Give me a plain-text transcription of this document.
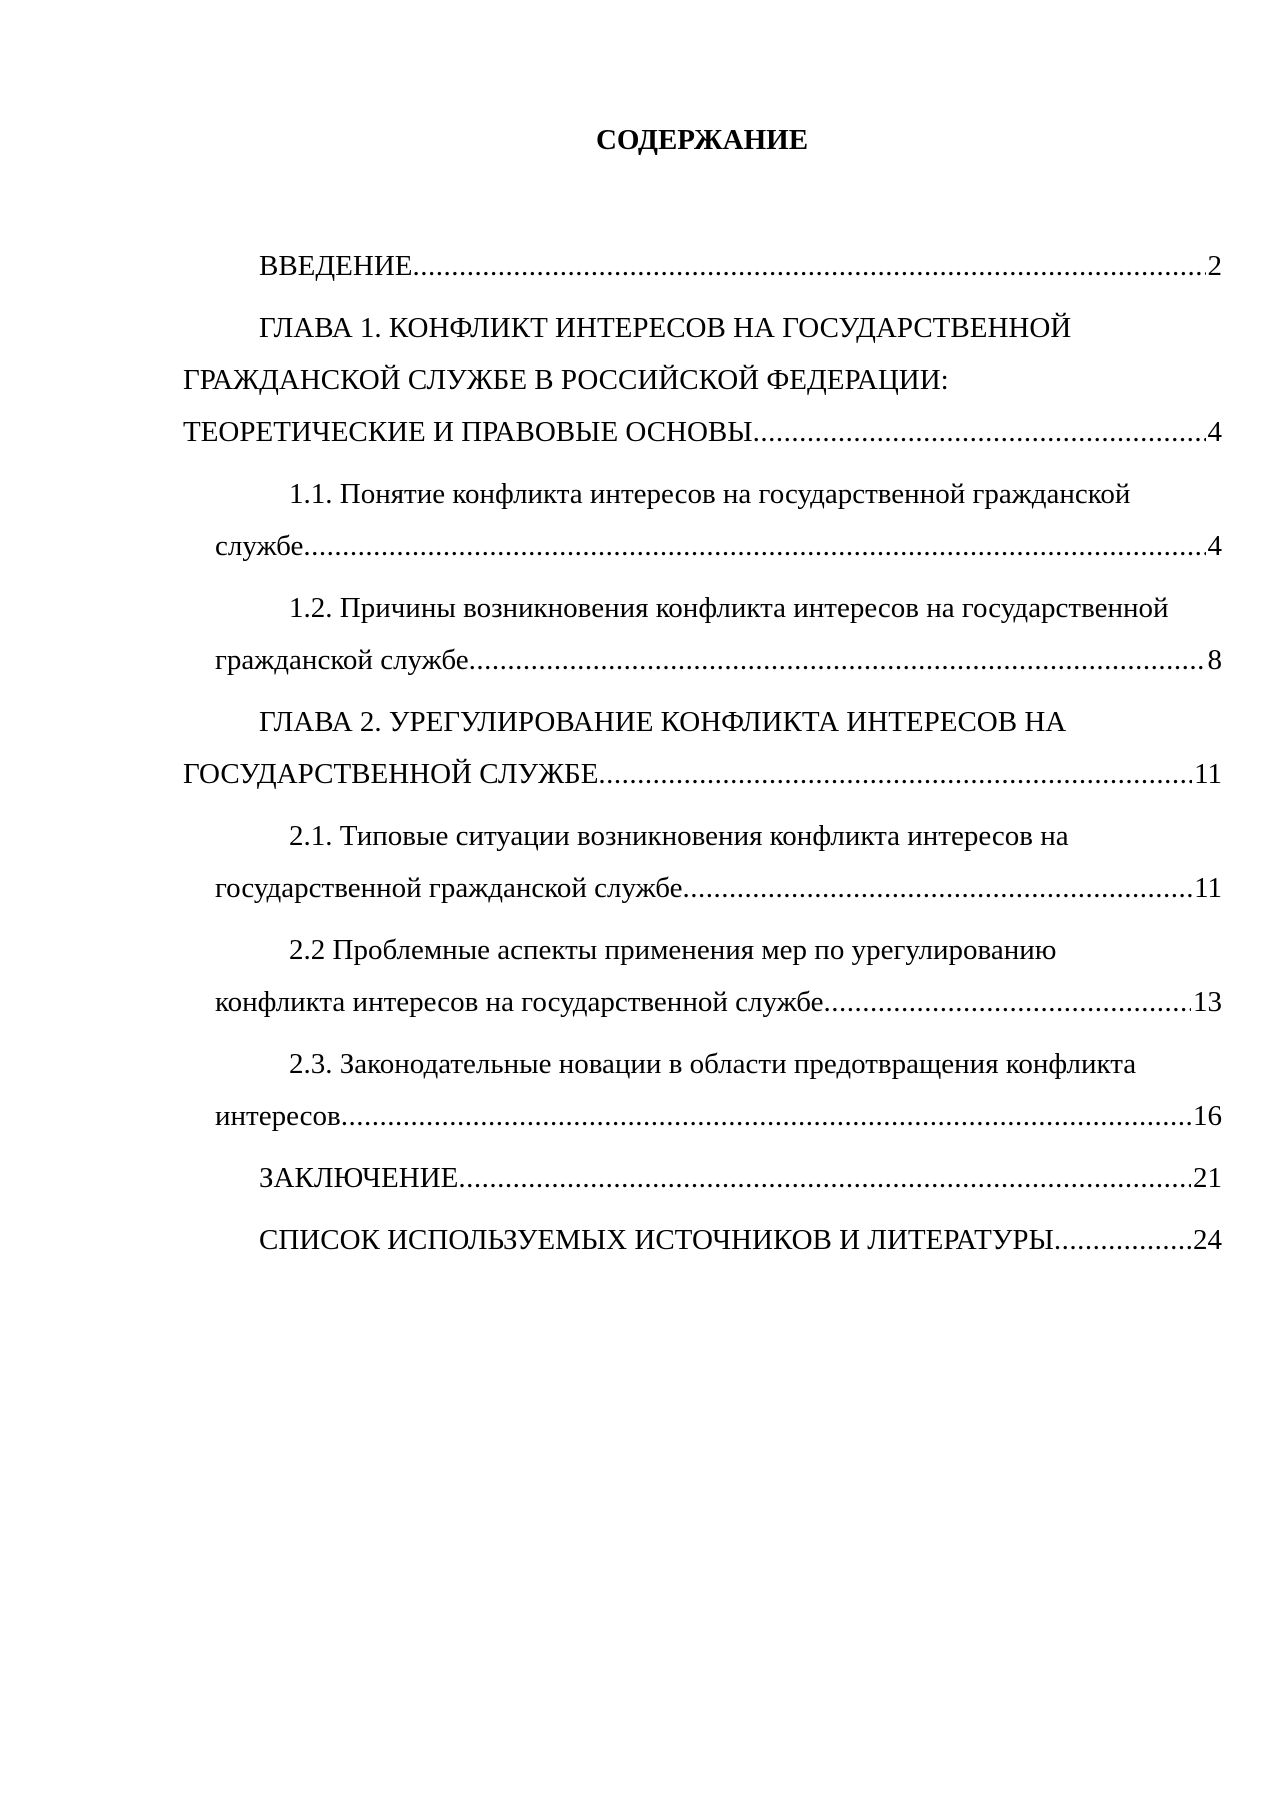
СОДЕРЖАНИЕ
ВВЕДЕНИЕ .....	2
ГЛАВА 1. КОНФЛИКТ ИНТЕРЕСОВ НА ГОСУДАРСТВЕННОЙ
ГРАЖДАНСКОЙ СЛУЖБЕ В РОССИЙСКОЙ ФЕДЕРАЦИИ:
ТЕОРЕТИЧЕСКИЕ И ПРАВОВЫЕ ОСНОВЫ .....	4
1.1. Понятие конфликта интересов на государственной гражданской
службе .....	4
1.2. Причины возникновения конфликта интересов на государственной
гражданской службе .....	8
ГЛАВА 2. УРЕГУЛИРОВАНИЕ КОНФЛИКТА ИНТЕРЕСОВ НА
ГОСУДАРСТВЕННОЙ СЛУЖБЕ .....	11
2.1. Типовые ситуации возникновения конфликта интересов на
государственной гражданской службе .....	11
2.2 Проблемные аспекты применения мер по урегулированию
конфликта интересов на государственной службе .....	13
2.3. Законодательные новации в области предотвращения конфликта
интересов .....	16
ЗАКЛЮЧЕНИЕ .....	21
СПИСОК ИСПОЛЬЗУЕМЫХ ИСТОЧНИКОВ И ЛИТЕРАТУРЫ .....	24
